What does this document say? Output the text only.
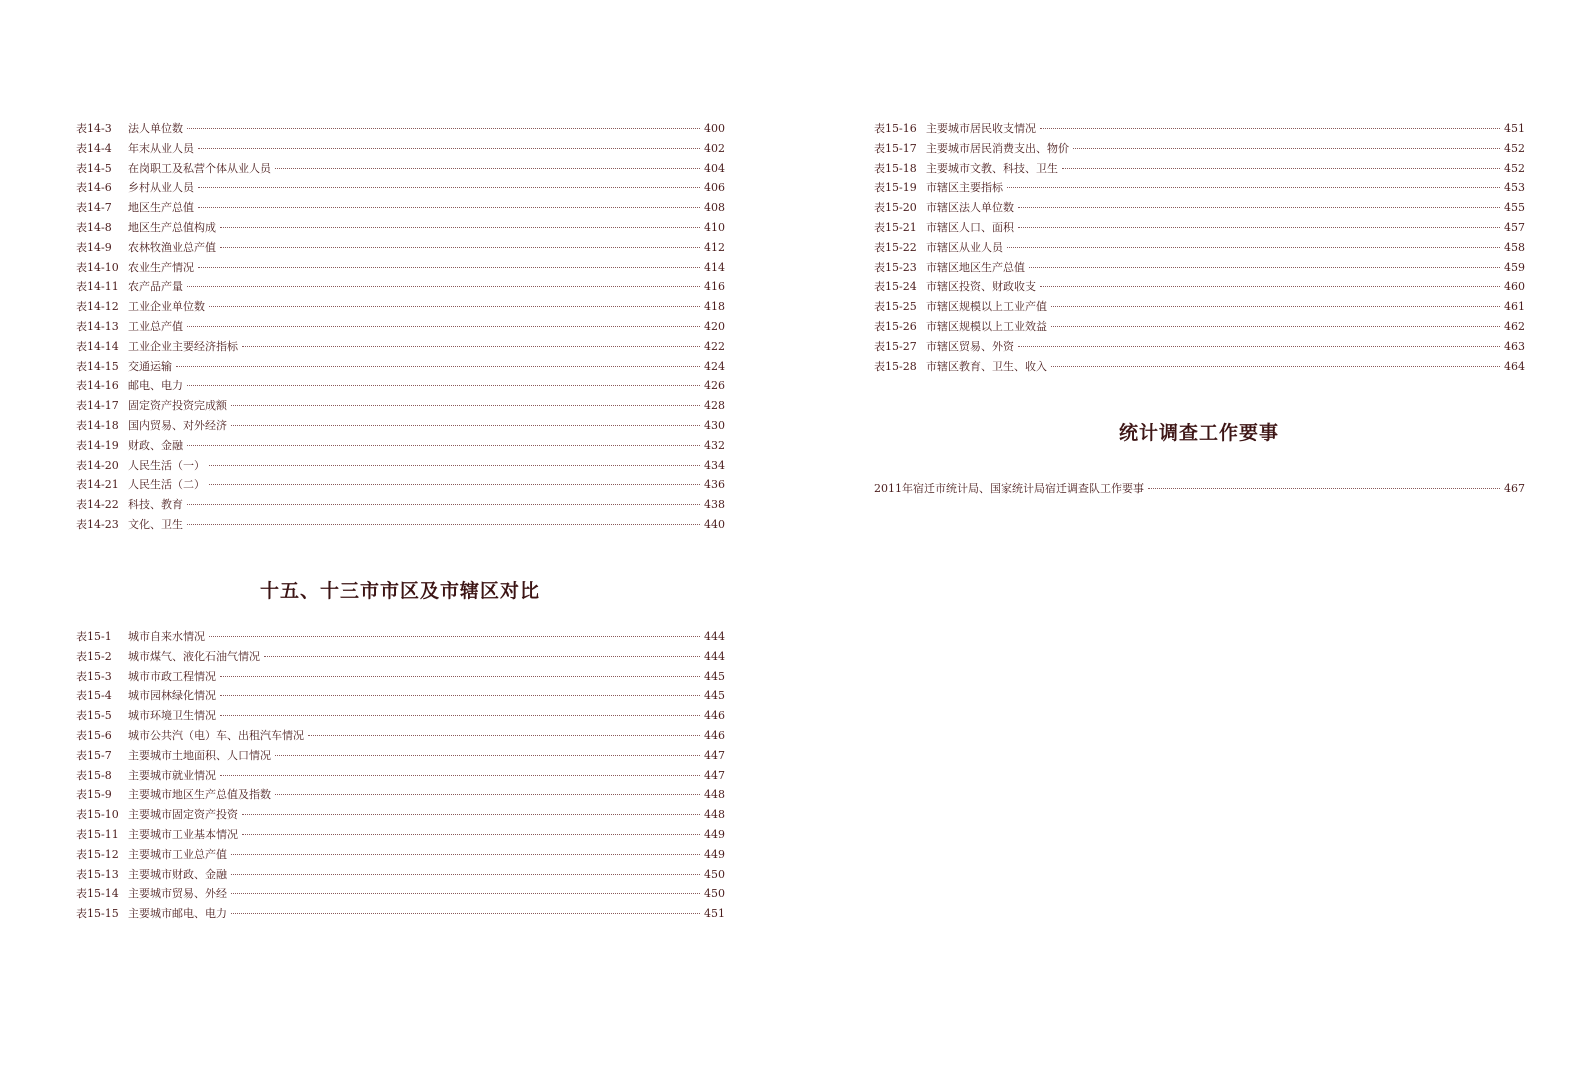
表14-3	法人单位数	400
表14-4	年末从业人员	402
表14-5	在岗职工及私营个体从业人员	404
表14-6	乡村从业人员	406
表14-7	地区生产总值	408
表14-8	地区生产总值构成	410
表14-9	农林牧渔业总产值	412
表14-10 农业生产情况	414
表14-11 农产品产量	416
表14-12 工业企业单位数	418
表14-13 工业总产值	420
表14-14 工业企业主要经济指标	422
表14-15 交通运输	424
表14-16 邮电、电力	426
表14-17 固定资产投资完成额	428
表14-18 国内贸易、对外经济	430
表14-19 财政、金融	432
表14-20 人民生活（一）	434
表14-21 人民生活（二）	436
表14-22 科技、教育	438
表14-23 文化、卫生	440
十五、十三市市区及市辖区对比
表15-1	城市自来水情况	444
表15-2	城市煤气、液化石油气情况	444
表15-3	城市市政工程情况	445
表15-4	城市园林绿化情况	445
表15-5	城市环境卫生情况	446
表15-6	城市公共汽（电）车、出租汽车情况	446
表15-7	主要城市土地面积、人口情况	447
表15-8	主要城市就业情况	447
表15-9	主要城市地区生产总值及指数	448
表15-10 主要城市固定资产投资	448
表15-11 主要城市工业基本情况	449
表15-12 主要城市工业总产值	449
表15-13 主要城市财政、金融	450
表15-14 主要城市贸易、外经	450
表15-15 主要城市邮电、电力	451
表15-16 主要城市居民收支情况	451
表15-17 主要城市居民消费支出、物价	452
表15-18 主要城市文教、科技、卫生	452
表15-19 市辖区主要指标	453
表15-20 市辖区法人单位数	455
表15-21 市辖区人口、面积	457
表15-22 市辖区从业人员	458
表15-23 市辖区地区生产总值	459
表15-24 市辖区投资、财政收支	460
表15-25 市辖区规模以上工业产值	461
表15-26 市辖区规模以上工业效益	462
表15-27 市辖区贸易、外资	463
表15-28 市辖区教育、卫生、收入	464
统计调查工作要事
2011年宿迁市统计局、国家统计局宿迁调查队工作要事	467
